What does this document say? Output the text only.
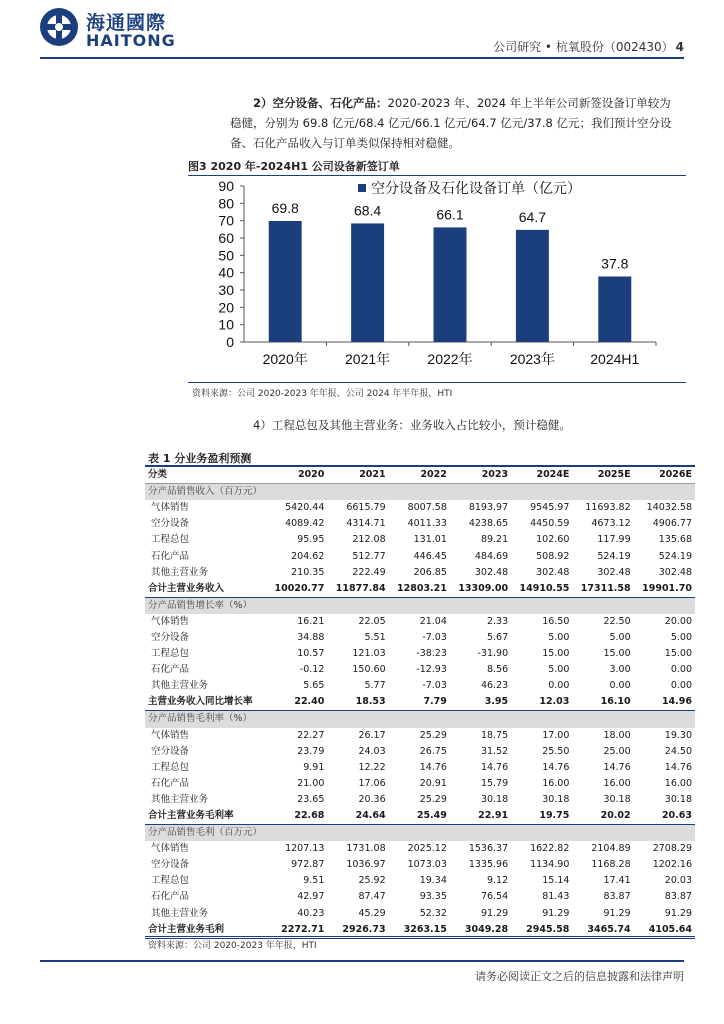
海通國際
HAITONG	公司研究 • 杭氧股份（002430） 4
2）空分设备、石化产品：2020-2023 年、2024 年上半年公司新签设备订单较为稳健，分别为 69.8 亿元/68.4 亿元/66.1 亿元/64.7 亿元/37.8 亿元；我们预计空分设备、石化产品收入与订单类似保持相对稳健。
图3 2020 年-2024H1 公司设备新签订单
69.8	68.4	66.1	64.7
37.8
0
10
20
30
40
50
60
70
80
90
2020年	2021年	2022年	2023年	2024H1
空分设备及石化设备订单（亿元）
资料来源：公司 2020-2023 年年报、公司 2024 年半年报，HTI
4）工程总包及其他主营业务：业务收入占比较小，预计稳健。
表 1 分业务盈利预测
分类	2020	2021	2022	2023	2024E	2025E	2026E
分产品销售收入（百万元）							
气体销售	5420.44	6615.79	8007.58	8193.97	9545.97	11693.82	14032.58
空分设备	4089.42	4314.71	4011.33	4238.65	4450.59	4673.12	4906.77
工程总包	95.95	212.08	131.01	89.21	102.60	117.99	135.68
石化产品	204.62	512.77	446.45	484.69	508.92	524.19	524.19
其他主营业务	210.35	222.49	206.85	302.48	302.48	302.48	302.48
合计主营业务收入	10020.77	11877.84	12803.21	13309.00	14910.55	17311.58	19901.70
分产品销售增长率（%）							
气体销售	16.21	22.05	21.04	2.33	16.50	22.50	20.00
空分设备	34.88	5.51	-7.03	5.67	5.00	5.00	5.00
工程总包	10.57	121.03	-38.23	-31.90	15.00	15.00	15.00
石化产品	-0.12	150.60	-12.93	8.56	5.00	3.00	0.00
其他主营业务	5.65	5.77	-7.03	46.23	0.00	0.00	0.00
主营业务收入同比增长率	22.40	18.53	7.79	3.95	12.03	16.10	14.96
分产品销售毛利率（%）							
气体销售	22.27	26.17	25.29	18.75	17.00	18.00	19.30
空分设备	23.79	24.03	26.75	31.52	25.50	25.00	24.50
工程总包	9.91	12.22	14.76	14.76	14.76	14.76	14.76
石化产品	21.00	17.06	20.91	15.79	16.00	16.00	16.00
其他主营业务	23.65	20.36	25.29	30.18	30.18	30.18	30.18
合计主营业务毛利率	22.68	24.64	25.49	22.91	19.75	20.02	20.63
分产品销售毛利（百万元）							
气体销售	1207.13	1731.08	2025.12	1536.37	1622.82	2104.89	2708.29
空分设备	972.87	1036.97	1073.03	1335.96	1134.90	1168.28	1202.16
工程总包	9.51	25.92	19.34	9.12	15.14	17.41	20.03
石化产品	42.97	87.47	93.35	76.54	81.43	83.87	83.87
其他主营业务	40.23	45.29	52.32	91.29	91.29	91.29	91.29
合计主营业务毛利	2272.71	2926.73	3263.15	3049.28	2945.58	3465.74	4105.64
资料来源：公司 2020-2023 年年报，HTI
请务必阅读正文之后的信息披露和法律声明
